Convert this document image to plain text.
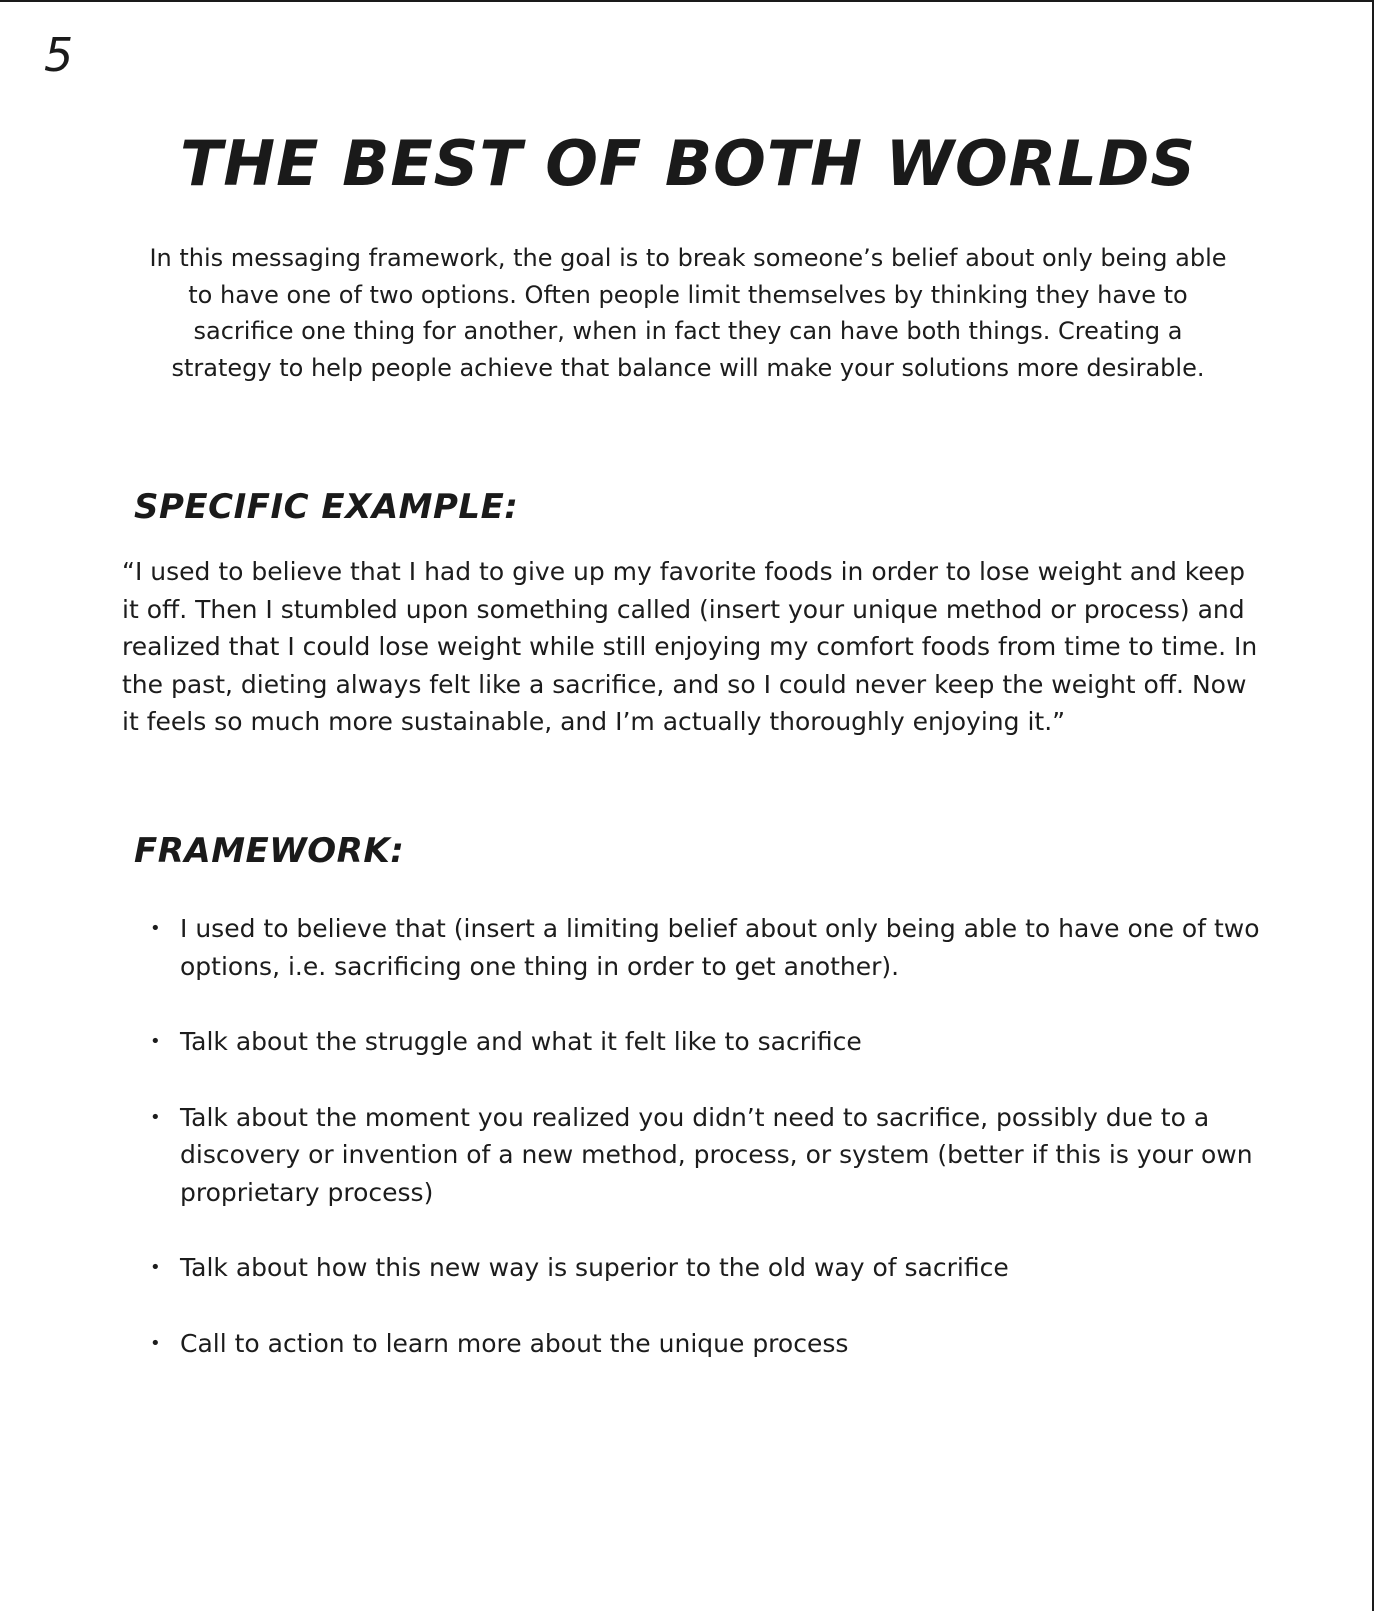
5
THE BEST OF BOTH WORLDS

In this messaging framework, the goal is to break someone’s belief about only being able to have one of two options. Often people limit themselves by thinking they have to sacrifice one thing for another, when in fact they can have both things. Creating a strategy to help people achieve that balance will make your solutions more desirable.

SPECIFIC EXAMPLE:

“I used to believe that I had to give up my favorite foods in order to lose weight and keep it off. Then I stumbled upon something called (insert your unique method or process) and realized that I could lose weight while still enjoying my comfort foods from time to time. In the past, dieting always felt like a sacrifice, and so I could never keep the weight off. Now it feels so much more sustainable, and I’m actually thoroughly enjoying it.”

FRAMEWORK:
• I used to believe that (insert a limiting belief about only being able to have one of two options, i.e. sacrificing one thing in order to get another).
• Talk about the struggle and what it felt like to sacrifice
• Talk about the moment you realized you didn’t need to sacrifice, possibly due to a discovery or invention of a new method, process, or system (better if this is your own proprietary process)
• Talk about how this new way is superior to the old way of sacrifice
• Call to action to learn more about the unique process
